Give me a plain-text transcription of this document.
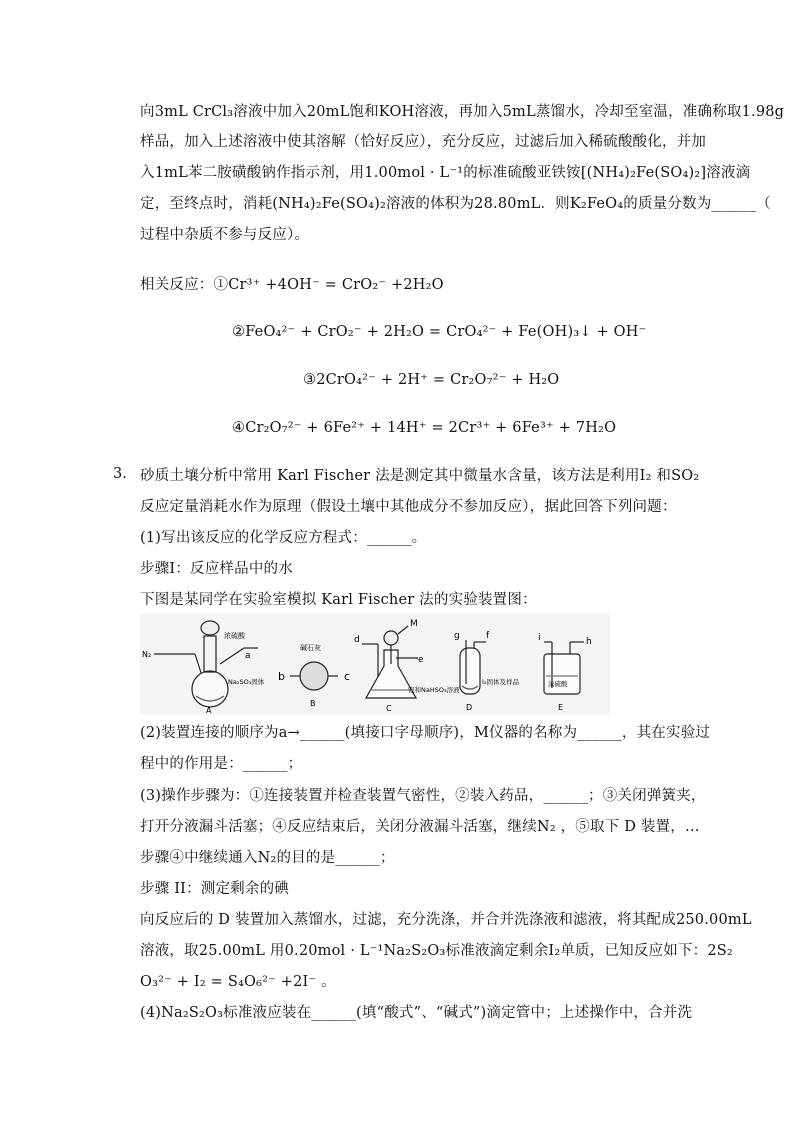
向3mL CrCl₃溶液中加入20mL饱和KOH溶液，再加入5mL蒸馏水，冷却至室温，准确称取1.98g
样品，加入上述溶液中使其溶解（恰好反应），充分反应，过滤后加入稀硫酸酸化，并加
入1mL苯二胺磺酸钠作指示剂，用1.00mol · L⁻¹的标准硫酸亚铁铵[(NH₄)₂Fe(SO₄)₂]溶液滴
定，至终点时，消耗(NH₄)₂Fe(SO₄)₂溶液的体积为28.80mL．则K₂FeO₄的质量分数为______（
过程中杂质不参与反应）。
相关反应：①Cr³⁺ +4OH⁻ = CrO₂⁻ +2H₂O
②FeO₄²⁻ + CrO₂⁻ + 2H₂O = CrO₄²⁻ + Fe(OH)₃↓ + OH⁻
③2CrO₄²⁻ + 2H⁺ = Cr₂O₇²⁻ + H₂O
④Cr₂O₇²⁻ + 6Fe²⁺ + 14H⁺ = 2Cr³⁺ + 6Fe³⁺ + 7H₂O
3. 砂质土壤分析中常用 Karl Fischer 法是测定其中微量水含量，该方法是利用I₂ 和SO₂
反应定量消耗水作为原理（假设土壤中其他成分不参加反应），据此回答下列问题：
(1)写出该反应的化学反应方程式：______。
步骤Ⅰ：反应样品中的水
下图是某同学在实验室模拟 Karl Fischer 法的实验装置图：
N₂
浓硫酸
a
Na₂SO₃固体
A
b
碱石灰
B
c
d
M
e
饱和NaHSO₃溶液
C
g	f
I₂固体及样品
D
i	h
浓硫酸
E
(2)装置连接的顺序为a→______(填接口字母顺序)，M仪器的名称为______，其在实验过
程中的作用是：______；
(3)操作步骤为：①连接装置并检查装置气密性，②装入药品，______；③关闭弹簧夹，
打开分液漏斗活塞；④反应结束后，关闭分液漏斗活塞，继续N₂ ，⑤取下 D 装置，…
步骤④中继续通入N₂的目的是______；
步骤 II：测定剩余的碘
向反应后的 D 装置加入蒸馏水，过滤，充分洗涤，并合并洗涤液和滤液，将其配成250.00mL
溶液，取25.00mL 用0.20mol · L⁻¹Na₂S₂O₃标准液滴定剩余I₂单质，已知反应如下：2S₂
O₃²⁻ + I₂ = S₄O₆²⁻ +2I⁻ 。
(4)Na₂S₂O₃标准液应装在______(填“酸式”、“碱式”)滴定管中；上述操作中，合并洗
